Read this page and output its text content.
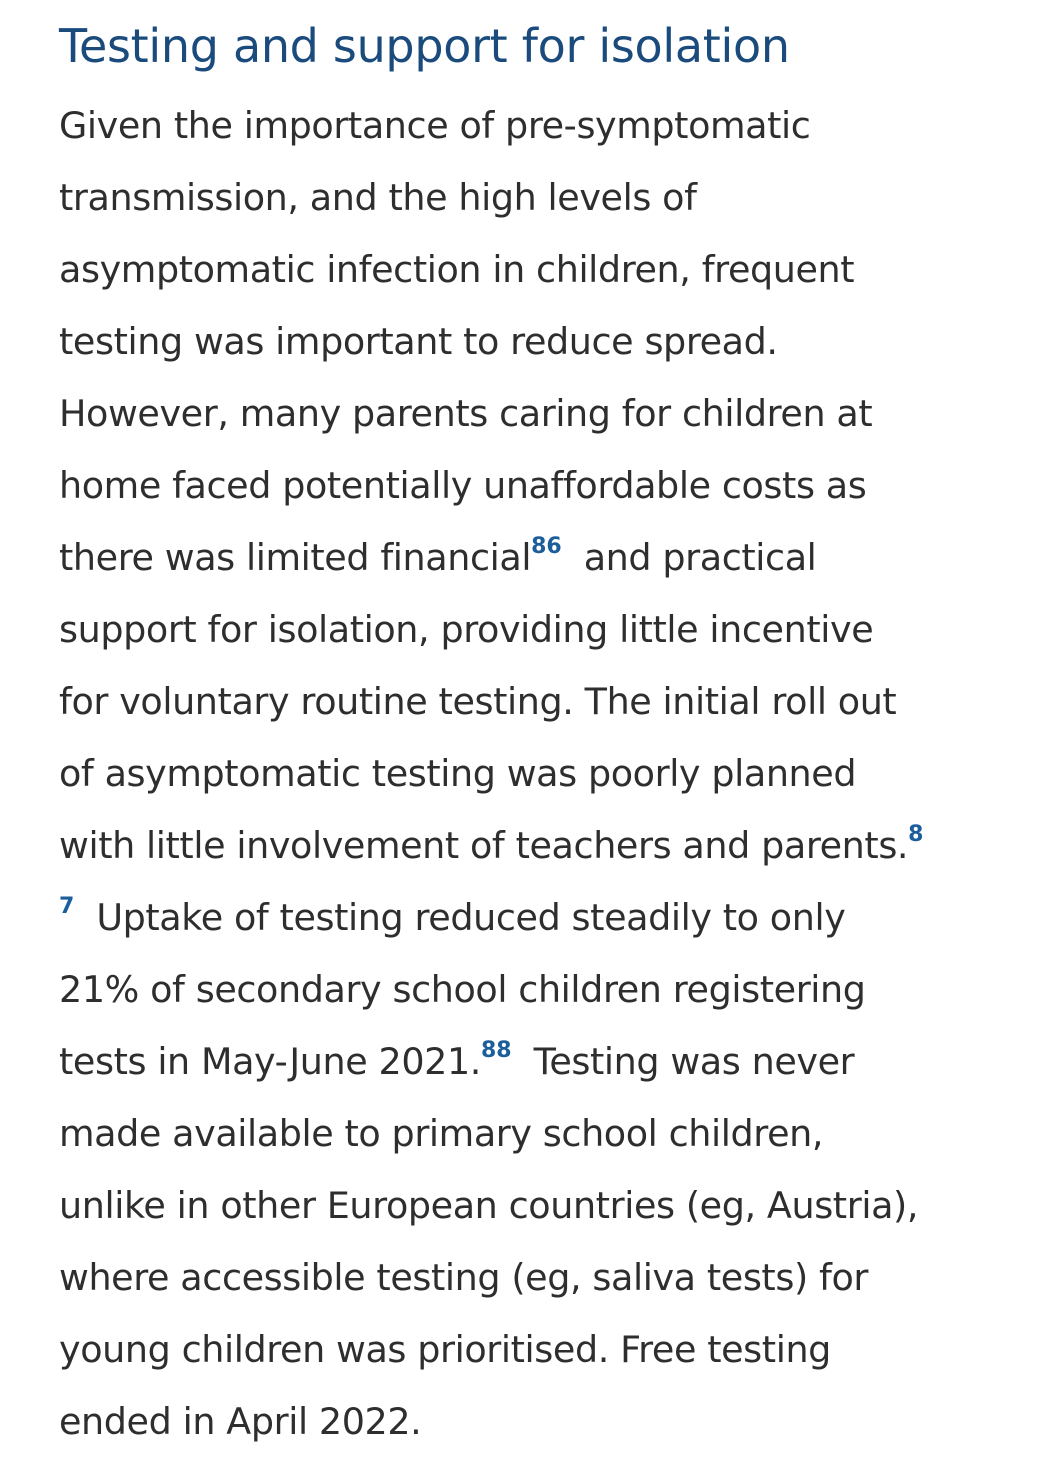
Testing and support for isolation

Given the importance of pre-symptomatic
transmission, and the high levels of
asymptomatic infection in children, frequent
testing was important to reduce spread.
However, many parents caring for children at
home faced potentially unaffordable costs as
there was limited financial86 and practical
support for isolation, providing little incentive
for voluntary routine testing. The initial roll out
of asymptomatic testing was poorly planned
with little involvement of teachers and parents.8
7 Uptake of testing reduced steadily to only
21% of secondary school children registering
tests in May-June 2021.88 Testing was never
made available to primary school children,
unlike in other European countries (eg, Austria),
where accessible testing (eg, saliva tests) for
young children was prioritised. Free testing
ended in April 2022.
